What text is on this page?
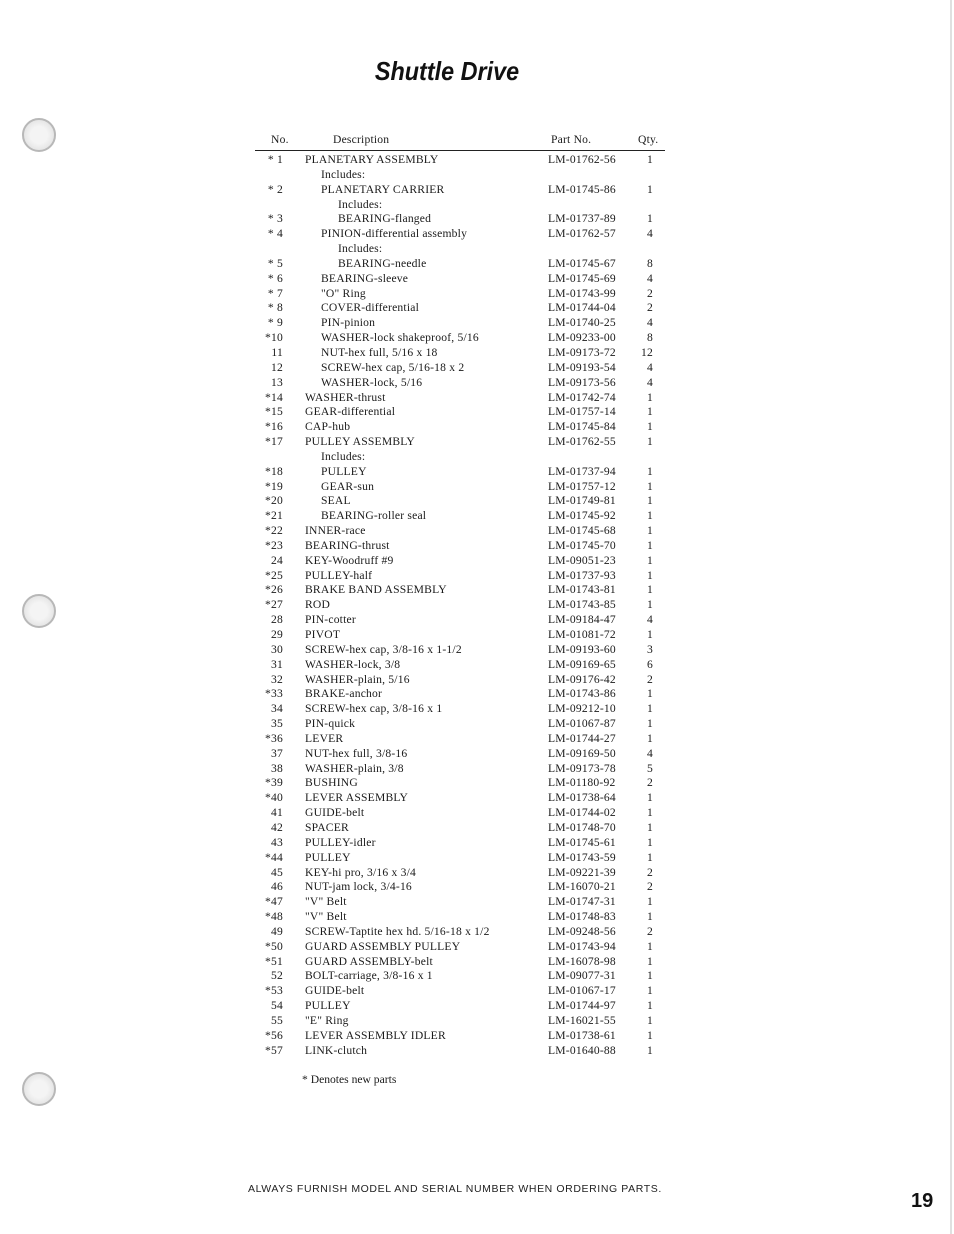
Shuttle Drive
No.	Description	Part No.	Qty.
* 1 PLANETARY ASSEMBLY	LM-01762-56	1
Includes:
* 2	PLANETARY CARRIER	LM-01745-86	1
Includes:
* 3	BEARING-flanged	LM-01737-89	1
* 4	PINION-differential assembly	LM-01762-57	4
Includes:
* 5	BEARING-needle	LM-01745-67	8
* 6	BEARING-sleeve	LM-01745-69	4
* 7	"O" Ring	LM-01743-99	2
* 8	COVER-differential	LM-01744-04	2
* 9	PIN-pinion	LM-01740-25	4
*10	WASHER-lock shakeproof, 5/16	LM-09233-00	8
11	NUT-hex full, 5/16 x 18	LM-09173-72	12
12	SCREW-hex cap, 5/16-18 x 2	LM-09193-54	4
13	WASHER-lock, 5/16	LM-09173-56	4
*14 WASHER-thrust	LM-01742-74	1
*15 GEAR-differential	LM-01757-14	1
*16 CAP-hub	LM-01745-84	1
*17 PULLEY ASSEMBLY	LM-01762-55	1
Includes:
*18	PULLEY	LM-01737-94	1
*19	GEAR-sun	LM-01757-12	1
*20	SEAL	LM-01749-81	1
*21	BEARING-roller seal	LM-01745-92	1
*22 INNER-race	LM-01745-68	1
*23 BEARING-thrust	LM-01745-70	1
24 KEY-Woodruff #9	LM-09051-23	1
*25 PULLEY-half	LM-01737-93	1
*26 BRAKE BAND ASSEMBLY	LM-01743-81	1
*27 ROD	LM-01743-85	1
28 PIN-cotter	LM-09184-47	4
29 PIVOT	LM-01081-72	1
30 SCREW-hex cap, 3/8-16 x 1-1/2	LM-09193-60	3
31 WASHER-lock, 3/8	LM-09169-65	6
32 WASHER-plain, 5/16	LM-09176-42	2
*33 BRAKE-anchor	LM-01743-86	1
34 SCREW-hex cap, 3/8-16 x 1	LM-09212-10	1
35 PIN-quick	LM-01067-87	1
*36 LEVER	LM-01744-27	1
37 NUT-hex full, 3/8-16	LM-09169-50	4
38 WASHER-plain, 3/8	LM-09173-78	5
*39 BUSHING	LM-01180-92	2
*40 LEVER ASSEMBLY	LM-01738-64	1
41 GUIDE-belt	LM-01744-02	1
42 SPACER	LM-01748-70	1
43 PULLEY-idler	LM-01745-61	1
*44 PULLEY	LM-01743-59	1
45 KEY-hi pro, 3/16 x 3/4	LM-09221-39	2
46 NUT-jam lock, 3/4-16	LM-16070-21	2
*47 "V" Belt	LM-01747-31	1
*48 "V" Belt	LM-01748-83	1
49 SCREW-Taptite hex hd. 5/16-18 x 1/2	LM-09248-56	2
*50 GUARD ASSEMBLY PULLEY	LM-01743-94	1
*51 GUARD ASSEMBLY-belt	LM-16078-98	1
52 BOLT-carriage, 3/8-16 x 1	LM-09077-31	1
*53 GUIDE-belt	LM-01067-17	1
54 PULLEY	LM-01744-97	1
55 "E" Ring	LM-16021-55	1
*56 LEVER ASSEMBLY IDLER	LM-01738-61	1
*57 LINK-clutch	LM-01640-88	1
* Denotes new parts
ALWAYS FURNISH MODEL AND SERIAL NUMBER WHEN ORDERING PARTS.
19
